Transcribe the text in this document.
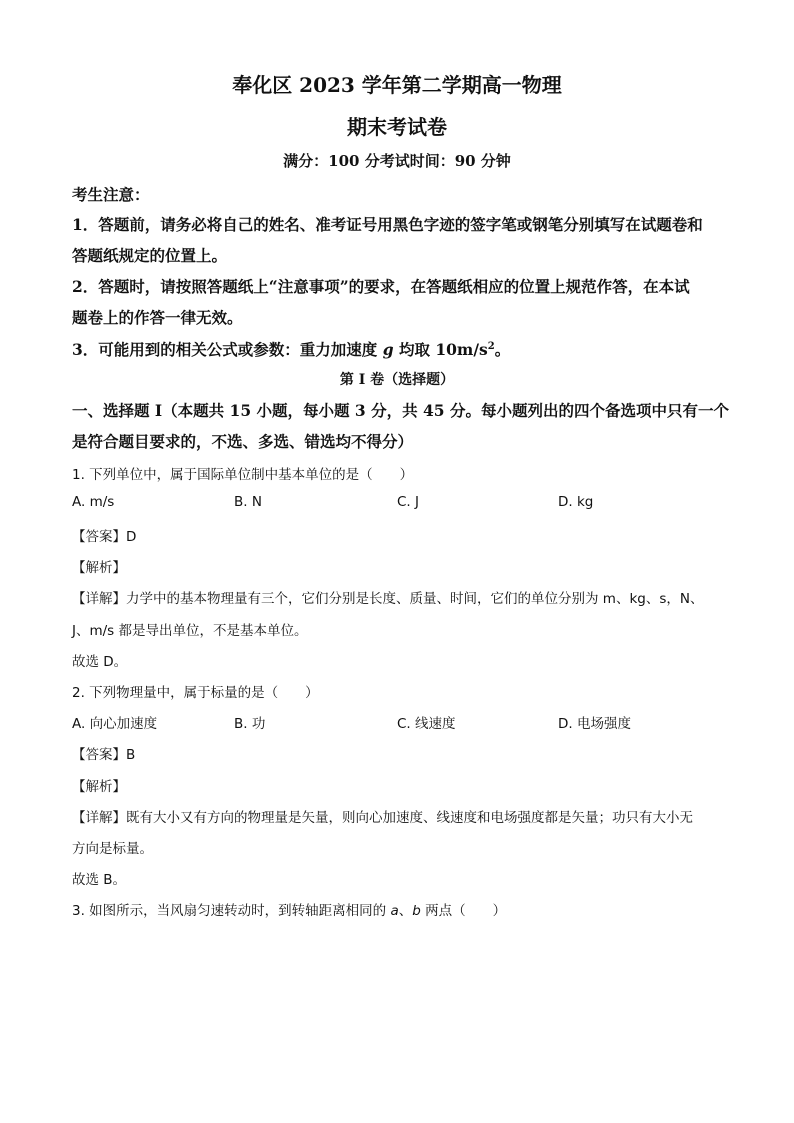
奉化区 2023 学年第二学期高一物理
期末考试卷
满分：100 分考试时间：90 分钟
考生注意：
1．答题前，请务必将自己的姓名、准考证号用黑色字迹的签字笔或钢笔分别填写在试题卷和
答题纸规定的位置上。
2．答题时，请按照答题纸上“注意事项”的要求，在答题纸相应的位置上规范作答，在本试
题卷上的作答一律无效。
3．可能用到的相关公式或参数：重力加速度 g 均取 $10m/s^2$。
第 I 卷（选择题）
一、选择题 I（本题共 15 小题，每小题 3 分，共 45 分。每小题列出的四个备选项中只有一个
是符合题目要求的，不选、多选、错选均不得分）
1. 下列单位中，属于国际单位制中基本单位的是（　　）
A. m/s	B. N	C. J	D. kg
【答案】D
【解析】
【详解】力学中的基本物理量有三个，它们分别是长度、质量、时间，它们的单位分别为 m、kg、s，N、
J、m/s 都是导出单位，不是基本单位。
故选 D。
2. 下列物理量中，属于标量的是（　　）
A. 向心加速度	B. 功	C. 线速度	D. 电场强度
【答案】B
【解析】
【详解】既有大小又有方向的物理量是矢量，则向心加速度、线速度和电场强度都是矢量；功只有大小无
方向是标量。
故选 B。
3. 如图所示，当风扇匀速转动时，到转轴距离相同的 a、b 两点（　　）
